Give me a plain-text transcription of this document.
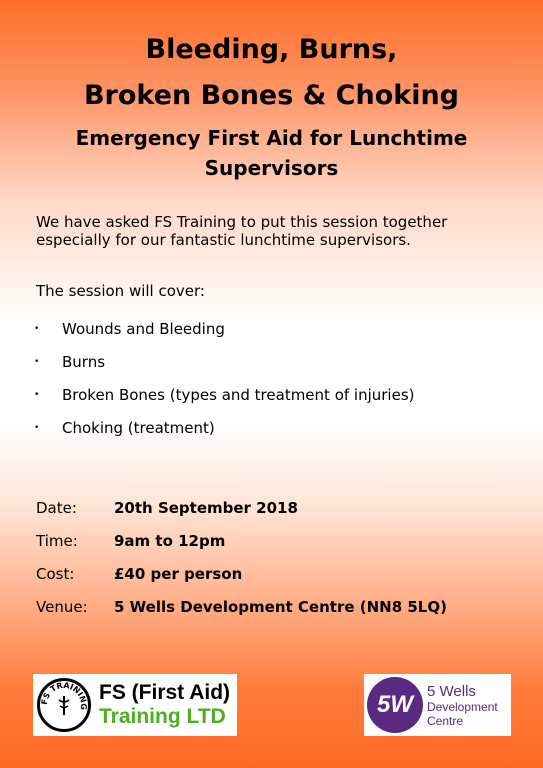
Bleeding, Burns,
Broken Bones & Choking
Emergency First Aid for Lunchtime
Supervisors
We have asked FS Training to put this session together especially for our fantastic lunchtime supervisors.
The session will cover:
•	Wounds and Bleeding
•	Burns
•	Broken Bones (types and treatment of injuries)
•	Choking (treatment)
Date:	20th September 2018
Time:	9am to 12pm
Cost:	£40 per person
Venue:	5 Wells Development Centre (NN8 5LQ)
FS TRAINING
FS (First Aid)
Training LTD	5W 5 Wells
Development
Centre
